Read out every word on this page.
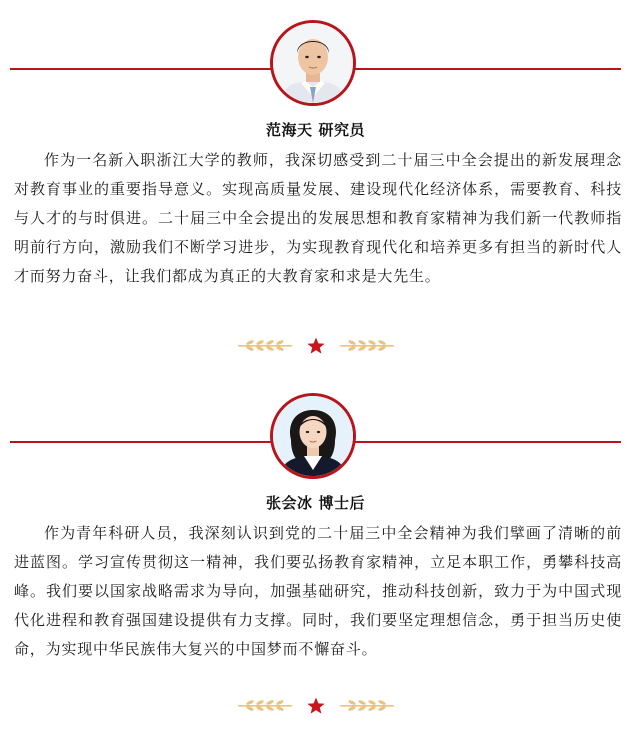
范海天 研究员

作为一名新入职浙江大学的教师，我深切感受到二十届三中全会提出的新发展理念对教育事业的重要指导意义。实现高质量发展、建设现代化经济体系，需要教育、科技与人才的与时俱进。二十届三中全会提出的发展思想和教育家精神为我们新一代教师指明前行方向，激励我们不断学习进步，为实现教育现代化和培养更多有担当的新时代人才而努力奋斗，让我们都成为真正的大教育家和求是大先生。

张会冰 博士后

作为青年科研人员，我深刻认识到党的二十届三中全会精神为我们擘画了清晰的前进蓝图。学习宣传贯彻这一精神，我们要弘扬教育家精神，立足本职工作，勇攀科技高峰。我们要以国家战略需求为导向，加强基础研究，推动科技创新，致力于为中国式现代化进程和教育强国建设提供有力支撑。同时，我们要坚定理想信念，勇于担当历史使命，为实现中华民族伟大复兴的中国梦而不懈奋斗。
